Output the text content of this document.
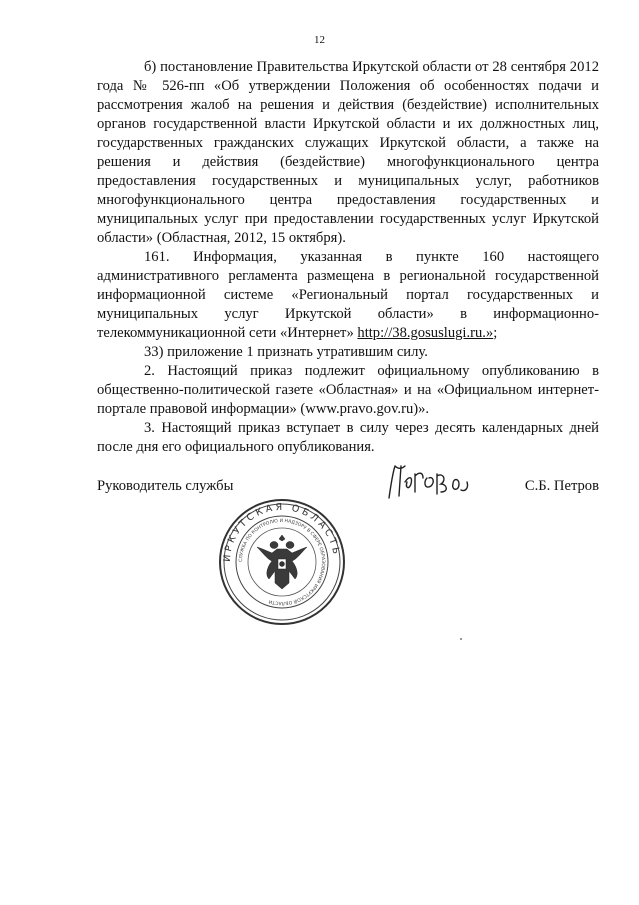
12

б) постановление Правительства Иркутской области от 28 сентября 2012 года № 526-пп «Об утверждении Положения об особенностях подачи и рассмотрения жалоб на решения и действия (бездействие) исполнительных органов государственной власти Иркутской области и их должностных лиц, государственных гражданских служащих Иркутской области, а также на решения и действия (бездействие) многофункционального центра предоставления государственных и муниципальных услуг, работников многофункционального центра предоставления государственных и муниципальных услуг при предоставлении государственных услуг Иркутской области» (Областная, 2012, 15 октября).

161. Информация, указанная в пункте 160 настоящего административного регламента размещена в региональной государственной информационной системе «Региональный портал государственных и муниципальных услуг Иркутской области» в информационно-телекоммуникационной сети «Интернет» http://38.gosuslugi.ru.»;

33) приложение 1 признать утратившим силу.

2. Настоящий приказ подлежит официальному опубликованию в общественно-политической газете «Областная» и на «Официальном интернет-портале правовой информации» (www.pravo.gov.ru)».

3. Настоящий приказ вступает в силу через десять календарных дней после дня его официального опубликования.

Руководитель службы	С.Б. Петров
ИРКУТСКАЯ ОБЛАСТЬ
СЛУЖБА ПО КОНТРОЛЮ И НАДЗОРУ В СФЕРЕ ОБРАЗОВАНИЯ ИРКУТСКОЙ ОБЛАСТИ
